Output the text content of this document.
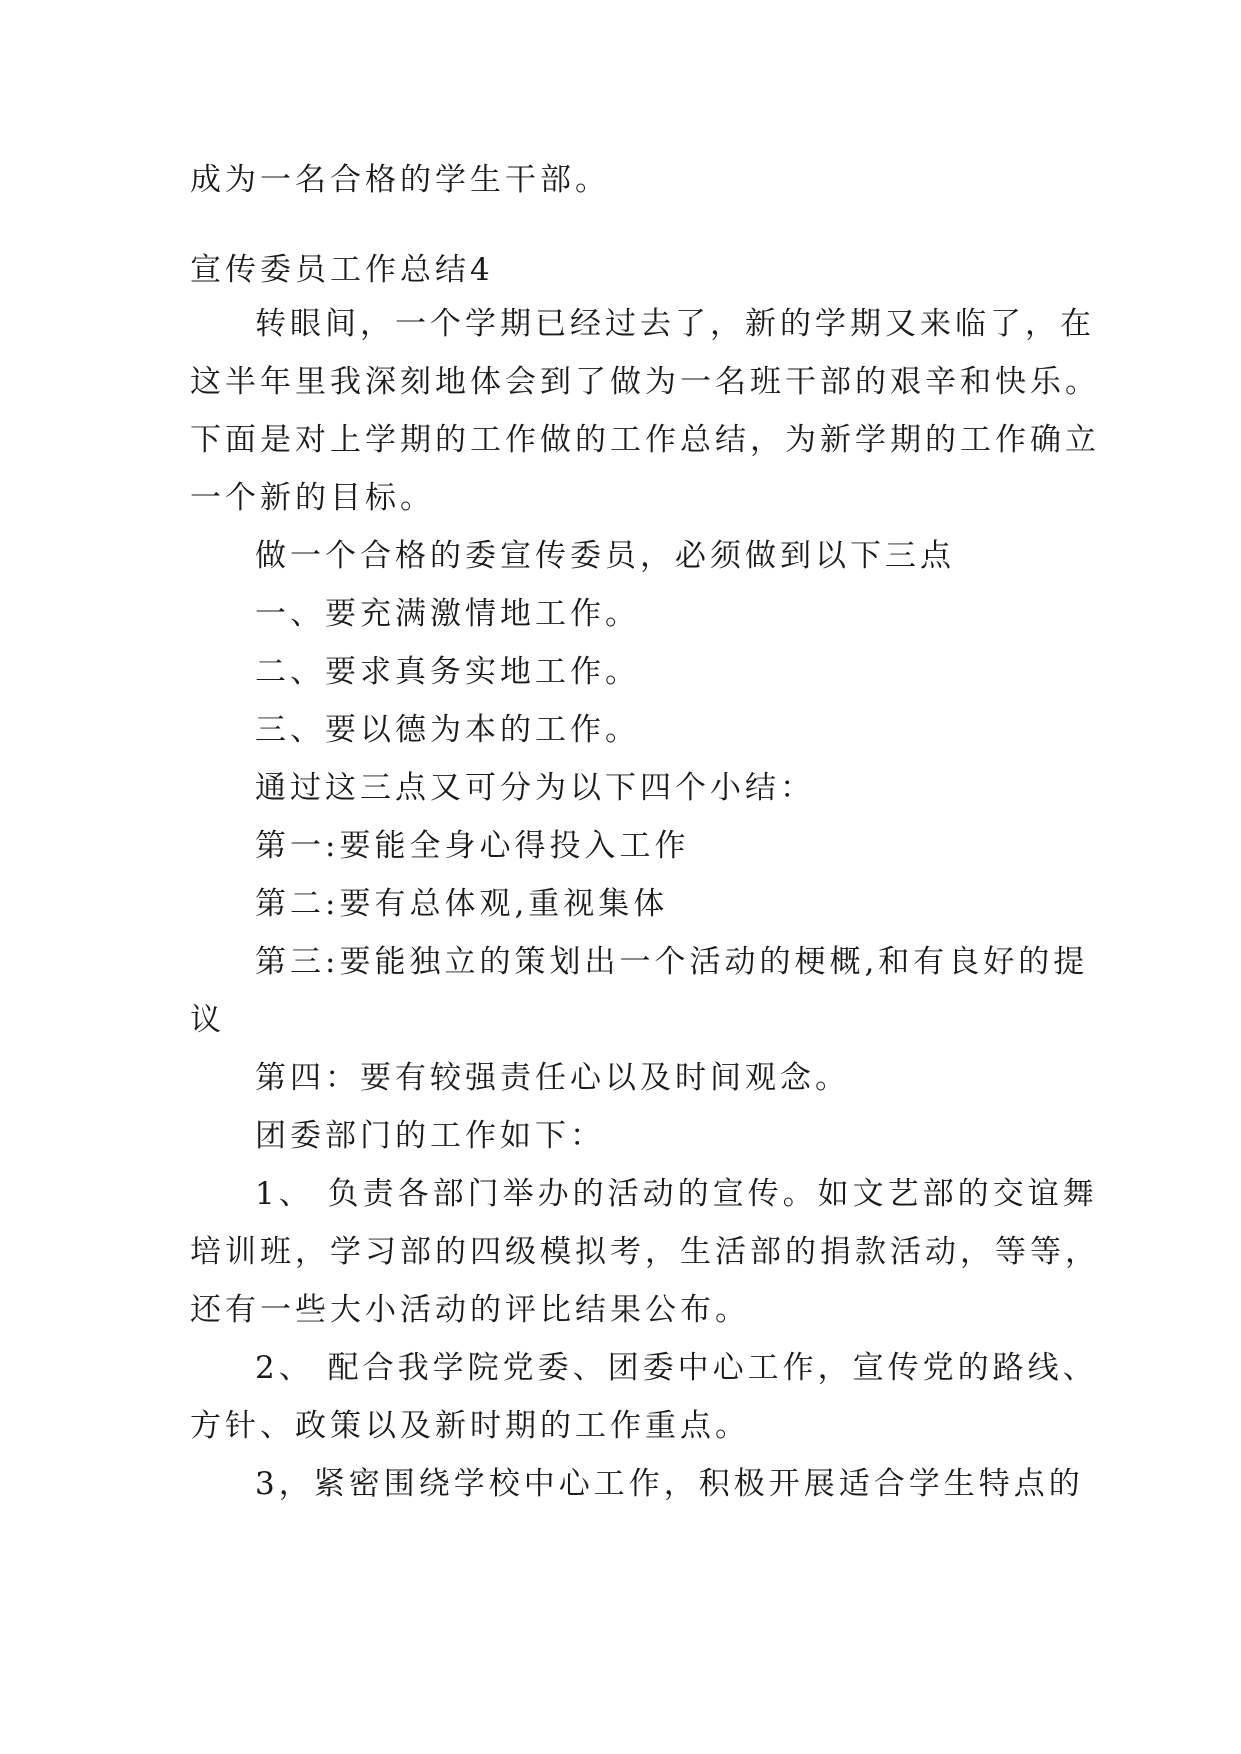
成为一名合格的学生干部。
宣传委员工作总结4
转眼间，一个学期已经过去了，新的学期又来临了，在
这半年里我深刻地体会到了做为一名班干部的艰辛和快乐。
下面是对上学期的工作做的工作总结，为新学期的工作确立
一个新的目标。
做一个合格的委宣传委员，必须做到以下三点
一、要充满激情地工作。
二、要求真务实地工作。
三、要以德为本的工作。
通过这三点又可分为以下四个小结：
第一:要能全身心得投入工作
第二:要有总体观,重视集体
第三:要能独立的策划出一个活动的梗概,和有良好的提
议
第四：要有较强责任心以及时间观念。
团委部门的工作如下：
1、 负责各部门举办的活动的宣传。如文艺部的交谊舞
培训班，学习部的四级模拟考，生活部的捐款活动，等等，
还有一些大小活动的评比结果公布。
2、 配合我学院党委、团委中心工作，宣传党的路线、
方针、政策以及新时期的工作重点。
3，紧密围绕学校中心工作，积极开展适合学生特点的
